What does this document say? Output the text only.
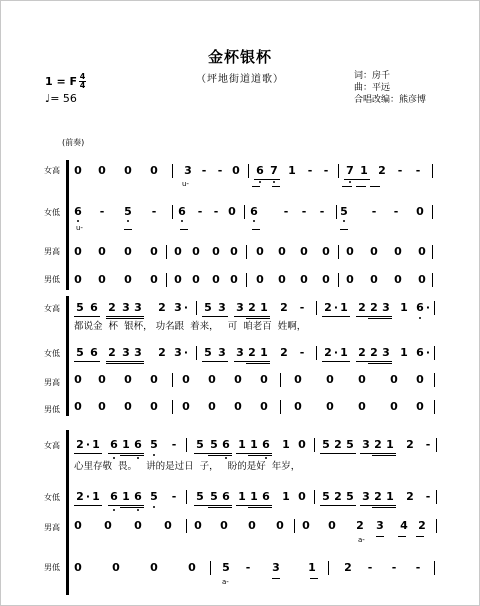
金杯银杯
（坪地街道道歌）	词：房千
曲：平远
合唱改编：熊彦博
1 = F 4
4
♩= 56
(前奏)
女高
女低
男高
男低
0 0 0 0 3 -	- 0 6 7 1	-	-	7 1 2	-	-
u-
6	-	5	-	6	-	- 0 6	-	-	-	5	-	-	0
u-
0 0 0 0 0 0 0 0 0 0 0 0 0 0 0 0
0 0 0 0 0 0 0 0 0 0 0 0 0 0 0 0
女高
女低
男高
男低
5 6 2 3 3 2 3 ·	5 3 3 2 1 2	-	2 · 1 2 2 3 1 6 ·
都说金  杯  银杯， 功名跟  着来，   可  咱老百  姓啊，
5 6 2 3 3 2 3 ·	5 3 3 2 1 2	-	2 · 1 2 2 3 1 6 ·
0 0 0 0 0 0 0 0 0 0 0 0 0
0 0 0 0 0 0 0 0 0 0 0 0 0
女高
女低
男高
男低
2 · 1 6 1 6 5	-	5 5 6 1 1 6 1 0 5 2 5 3 2 1 2	-
心里存敬  畏。   讲的是过日  子，   盼的是好  年岁，
2 · 1 6 1 6 5	-	5 5 6 1 1 6 1 0 5 2 5 3 2 1 2	-
0 0 0 0 0 0 0 0 0 0 2 3 4 2
a-
0	0	0	0 5	-	3	1	2	-	-	-
a-
